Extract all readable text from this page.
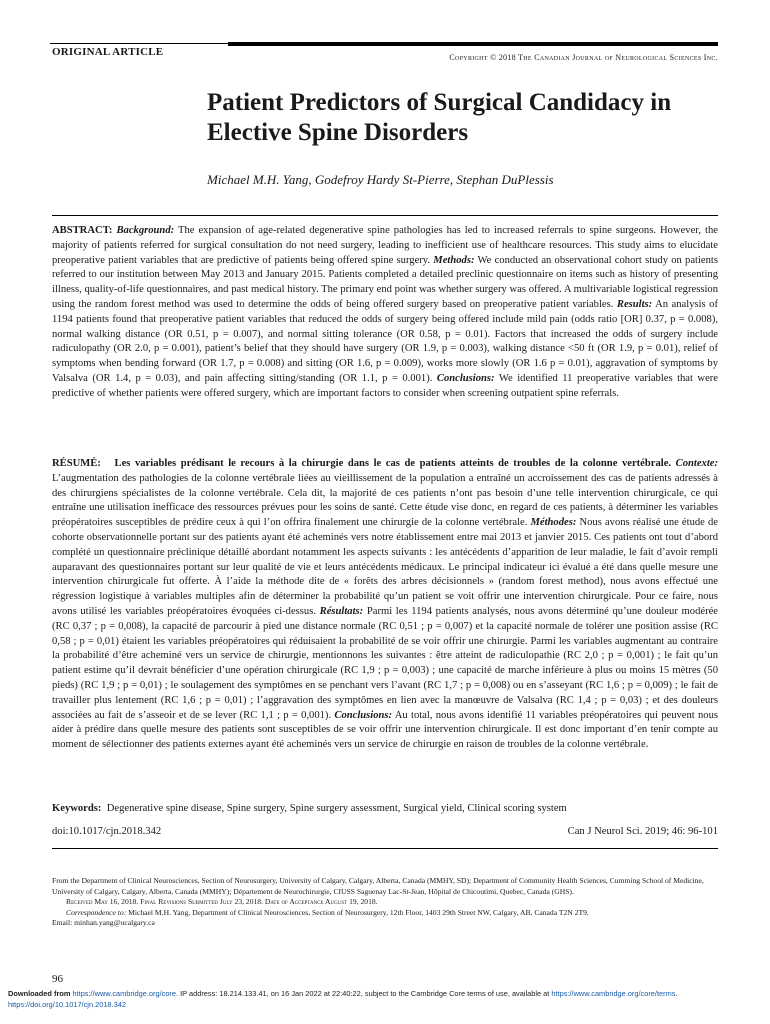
ORIGINAL ARTICLE	Copyright © 2018 The Canadian Journal of Neurological Sciences Inc.
Patient Predictors of Surgical Candidacy in Elective Spine Disorders
Michael M.H. Yang, Godefroy Hardy St-Pierre, Stephan DuPlessis

ABSTRACT: Background: The expansion of age-related degenerative spine pathologies has led to increased referrals to spine surgeons. However, the majority of patients referred for surgical consultation do not need surgery, leading to inefficient use of healthcare resources. This study aims to elucidate preoperative patient variables that are predictive of patients being offered spine surgery. Methods: We conducted an observational cohort study on patients referred to our institution between May 2013 and January 2015. Patients completed a detailed preclinic questionnaire on items such as history of presenting illness, quality-of-life questionnaires, and past medical history. The primary end point was whether surgery was offered. A multivariable logistical regression using the random forest method was used to determine the odds of being offered surgery based on preoperative patient variables. Results: An analysis of 1194 patients found that preoperative patient variables that reduced the odds of surgery being offered include mild pain (odds ratio [OR] 0.37, p = 0.008), normal walking distance (OR 0.51, p = 0.007), and normal sitting tolerance (OR 0.58, p = 0.01). Factors that increased the odds of surgery include radiculopathy (OR 2.0, p = 0.001), patient’s belief that they should have surgery (OR 1.9, p = 0.003), walking distance <50 ft (OR 1.9, p = 0.01), relief of symptoms when bending forward (OR 1.7, p = 0.008) and sitting (OR 1.6, p = 0.009), works more slowly (OR 1.6 p = 0.01), aggravation of symptoms by Valsalva (OR 1.4, p = 0.03), and pain affecting sitting/standing (OR 1.1, p = 0.001). Conclusions: We identified 11 preoperative variables that were predictive of whether patients were offered surgery, which are important factors to consider when screening outpatient spine referrals.

RÉSUMÉ: Les variables prédisant le recours à la chirurgie dans le cas de patients atteints de troubles de la colonne vertébrale. Contexte: L’augmentation des pathologies de la colonne vertébrale liées au vieillissement de la population a entraîné un accroissement des cas de patients adressés à des chirurgiens spécialistes de la colonne vertébrale. Cela dit, la majorité de ces patients n’ont pas besoin d’une telle intervention chirurgicale, ce qui entraîne une utilisation inefficace des ressources prévues pour les soins de santé. Cette étude vise donc, en regard de ces patients, à déterminer les variables préopératoires susceptibles de prédire ceux à qui l’on offrira finalement une chirurgie de la colonne vertébrale. Méthodes: Nous avons réalisé une étude de cohorte observationnelle portant sur des patients ayant été acheminés vers notre établissement entre mai 2013 et janvier 2015. Ces patients ont tout d’abord complété un questionnaire préclinique détaillé abordant notamment les aspects suivants : les antécédents d’apparition de leur maladie, le fait d’avoir rempli auparavant des questionnaires portant sur leur qualité de vie et leurs antécédents médicaux. Le principal indicateur ici évalué a été dans quelle mesure une intervention chirurgicale fut offerte. À l’aide la méthode dite de « forêts des arbres décisionnels » (random forest method), nous avons effectué une régression logistique à variables multiples afin de déterminer la probabilité qu’un patient se voit offrir une intervention chirurgicale. Pour ce faire, nous avons utilisé les variables préopératoires évoquées ci-dessus. Résultats: Parmi les 1194 patients analysés, nous avons déterminé qu’une douleur modérée (RC 0,37 ; p = 0,008), la capacité de parcourir à pied une distance normale (RC 0,51 ; p = 0,007) et la capacité normale de tolérer une position assise (RC 0,58 ; p = 0,01) étaient les variables préopératoires qui réduisaient la probabilité de se voir offrir une chirurgie. Parmi les variables augmentant au contraire la probabilité d’être acheminé vers un service de chirurgie, mentionnons les suivantes : être atteint de radiculopathie (RC 2,0 ; p = 0,001) ; le fait qu’un patient estime qu’il devrait bénéficier d’une opération chirurgicale (RC 1,9 ; p = 0,003) ; une capacité de marche inférieure à plus ou moins 15 mètres (50 pieds) (RC 1,9 ; p = 0,01) ; le soulagement des symptômes en se penchant vers l’avant (RC 1,7 ; p = 0,008) ou en s’asseyant (RC 1,6 ; p = 0,009) ; le fait de travailler plus lentement (RC 1,6 ; p = 0,01) ; l’aggravation des symptômes en lien avec la manœuvre de Valsalva (RC 1,4 ; p = 0,03) ; et des douleurs associées au fait de s’asseoir et de se lever (RC 1,1 ; p = 0,001). Conclusions: Au total, nous avons identifié 11 variables préopératoires qui peuvent nous aider à prédire dans quelle mesure des patients sont susceptibles de se voir offrir une intervention chirurgicale. Il est donc important d’en tenir compte au moment de sélectionner des patients externes ayant été acheminés vers un service de chirurgie en raison de troubles de la colonne vertébrale.

Keywords: Degenerative spine disease, Spine surgery, Spine surgery assessment, Surgical yield, Clinical scoring system

doi:10.1017/cjn.2018.342	Can J Neurol Sci. 2019; 46: 96-101
From the Department of Clinical Neurosciences, Section of Neurosurgery, University of Calgary, Calgary, Alberta, Canada (MMHY, SD); Department of Community Health Sciences, Cumming School of Medicine, University of Calgary, Calgary, Alberta, Canada (MMHY); Département de Neurochirurgie, CIUSS Saguenay Lac-St-Jean, Hôpital de Chicoutimi, Quebec, Canada (GHS).
Received May 16, 2018. Final Revisions Submitted July 23, 2018. Date of Acceptance August 19, 2018.
Correspondence to: Michael M.H. Yang, Department of Clinical Neurosciences, Section of Neurosurgery, 12th Floor, 1403 29th Street NW, Calgary, AB, Canada T2N 2T9.
Email: minhan.yang@ucalgary.ca
96
Downloaded from https://www.cambridge.org/core. IP address: 18.214.133.41, on 16 Jan 2022 at 22:40:22, subject to the Cambridge Core terms of use, available at https://www.cambridge.org/core/terms.
https://doi.org/10.1017/cjn.2018.342
